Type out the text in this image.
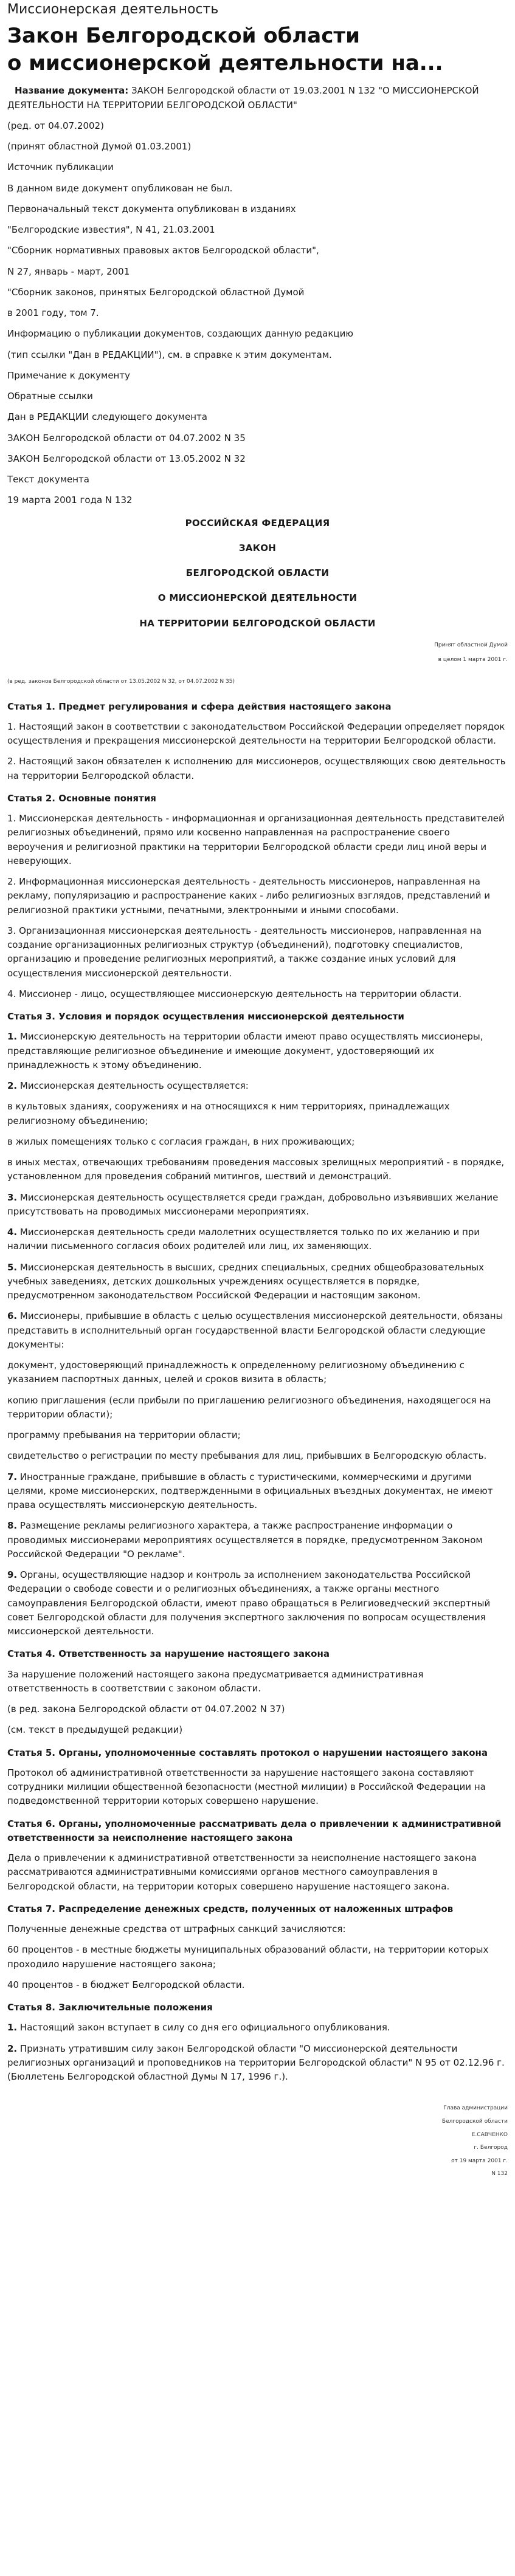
Миссионерская деятельность
Закон Белгородской области
о миссионерской деятельности на...
Название документа: ЗАКОН Белгородской области от 19.03.2001 N 132 "О МИССИОНЕРСКОЙ ДЕЯТЕЛЬНОСТИ НА ТЕРРИТОРИИ БЕЛГОРОДСКОЙ ОБЛАСТИ"
(ред. от 04.07.2002)
(принят областной Думой 01.03.2001)
Источник публикации
В данном виде документ опубликован не был.
Первоначальный текст документа опубликован в изданиях
"Белгородские известия", N 41, 21.03.2001
"Сборник нормативных правовых актов Белгородской области",
N 27, январь - март, 2001
"Сборник законов, принятых Белгородской областной Думой
в 2001 году, том 7.
Информацию о публикации документов, создающих данную редакцию
(тип ссылки "Дан в РЕДАКЦИИ"), см. в справке к этим документам.
Примечание к документу
Обратные ссылки
Дан в РЕДАКЦИИ следующего документа
ЗАКОН Белгородской области от 04.07.2002 N 35
ЗАКОН Белгородской области от 13.05.2002 N 32
Текст документа
19 марта 2001 года N 132
РОССИЙСКАЯ ФЕДЕРАЦИЯ
ЗАКОН
БЕЛГОРОДСКОЙ ОБЛАСТИ
О МИССИОНЕРСКОЙ ДЕЯТЕЛЬНОСТИ
НА ТЕРРИТОРИИ БЕЛГОРОДСКОЙ ОБЛАСТИ
Принят областной Думой
в целом 1 марта 2001 г.
(в ред. законов Белгородской области от 13.05.2002 N 32, от 04.07.2002 N 35)
Статья 1. Предмет регулирования и сфера действия настоящего закона
1. Настоящий закон в соответствии с законодательством Российской Федерации определяет порядок осуществления и прекращения миссионерской деятельности на территории Белгородской области.
2. Настоящий закон обязателен к исполнению для миссионеров, осуществляющих свою деятельность на территории Белгородской области.
Статья 2. Основные понятия
1. Миссионерская деятельность - информационная и организационная деятельность представителей религиозных объединений, прямо или косвенно направленная на распространение своего вероучения и религиозной практики на территории Белгородской области среди лиц иной веры и неверующих.
2. Информационная миссионерская деятельность - деятельность миссионеров, направленная на рекламу, популяризацию и распространение каких - либо религиозных взглядов, представлений и религиозной практики устными, печатными, электронными и иными способами.
3. Организационная миссионерская деятельность - деятельность миссионеров, направленная на создание организационных религиозных структур (объединений), подготовку специалистов, организацию и проведение религиозных мероприятий, а также создание иных условий для осуществления миссионерской деятельности.
4. Миссионер - лицо, осуществляющее миссионерскую деятельность на территории области.
Статья 3. Условия и порядок осуществления миссионерской деятельности
1. Миссионерскую деятельность на территории области имеют право осуществлять миссионеры, представляющие религиозное объединение и имеющие документ, удостоверяющий их принадлежность к этому объединению.
2. Миссионерская деятельность осуществляется:
в культовых зданиях, сооружениях и на относящихся к ним территориях, принадлежащих религиозному объединению;
в жилых помещениях только с согласия граждан, в них проживающих;
в иных местах, отвечающих требованиям проведения массовых зрелищных мероприятий - в порядке, установленном для проведения собраний митингов, шествий и демонстраций.
3. Миссионерская деятельность осуществляется среди граждан, добровольно изъявивших желание присутствовать на проводимых миссионерами мероприятиях.
4. Миссионерская деятельность среди малолетних осуществляется только по их желанию и при наличии письменного согласия обоих родителей или лиц, их заменяющих.
5. Миссионерская деятельность в высших, средних специальных, средних общеобразовательных учебных заведениях, детских дошкольных учреждениях осуществляется в порядке, предусмотренном законодательством Российской Федерации и настоящим законом.
6. Миссионеры, прибывшие в область с целью осуществления миссионерской деятельности, обязаны представить в исполнительный орган государственной власти Белгородской области следующие документы:
документ, удостоверяющий принадлежность к определенному религиозному объединению с указанием паспортных данных, целей и сроков визита в область;
копию приглашения (если прибыли по приглашению религиозного объединения, находящегося на территории области);
программу пребывания на территории области;
свидетельство о регистрации по месту пребывания для лиц, прибывших в Белгородскую область.
7. Иностранные граждане, прибывшие в область с туристическими, коммерческими и другими целями, кроме миссионерских, подтвержденными в официальных въездных документах, не имеют права осуществлять миссионерскую деятельность.
8. Размещение рекламы религиозного характера, а также распространение информации о проводимых миссионерами мероприятиях осуществляется в порядке, предусмотренном Законом Российской Федерации "О рекламе".
9. Органы, осуществляющие надзор и контроль за исполнением законодательства Российской Федерации о свободе совести и о религиозных объединениях, а также органы местного самоуправления Белгородской области, имеют право обращаться в Религиоведческий экспертный совет Белгородской области для получения экспертного заключения по вопросам осуществления миссионерской деятельности.
Статья 4. Ответственность за нарушение настоящего закона
За нарушение положений настоящего закона предусматривается административная ответственность в соответствии с законом области.
(в ред. закона Белгородской области от 04.07.2002 N 37)
(см. текст в предыдущей редакции)
Статья 5. Органы, уполномоченные составлять протокол о нарушении настоящего закона
Протокол об административной ответственности за нарушение настоящего закона составляют сотрудники милиции общественной безопасности (местной милиции) в Российской Федерации на подведомственной территории которых совершено нарушение.
Статья 6. Органы, уполномоченные рассматривать дела о привлечении к административной ответственности за неисполнение настоящего закона
Дела о привлечении к административной ответственности за неисполнение настоящего закона рассматриваются административными комиссиями органов местного самоуправления в Белгородской области, на территории которых совершено нарушение настоящего закона.
Статья 7. Распределение денежных средств, полученных от наложенных штрафов
Полученные денежные средства от штрафных санкций зачисляются:
60 процентов - в местные бюджеты муниципальных образований области, на территории которых проходило нарушение настоящего закона;
40 процентов - в бюджет Белгородской области.
Статья 8. Заключительные положения
1. Настоящий закон вступает в силу со дня его официального опубликования.
2. Признать утратившим силу закон Белгородской области "О миссионерской деятельности религиозных организаций и проповедников на территории Белгородской области" N 95 от 02.12.96 г. (Бюллетень Белгородской областной Думы N 17, 1996 г.).
Глава администрации
Белгородской области
Е.САВЧЕНКО
г. Белгород
от 19 марта 2001 г.
N 132
